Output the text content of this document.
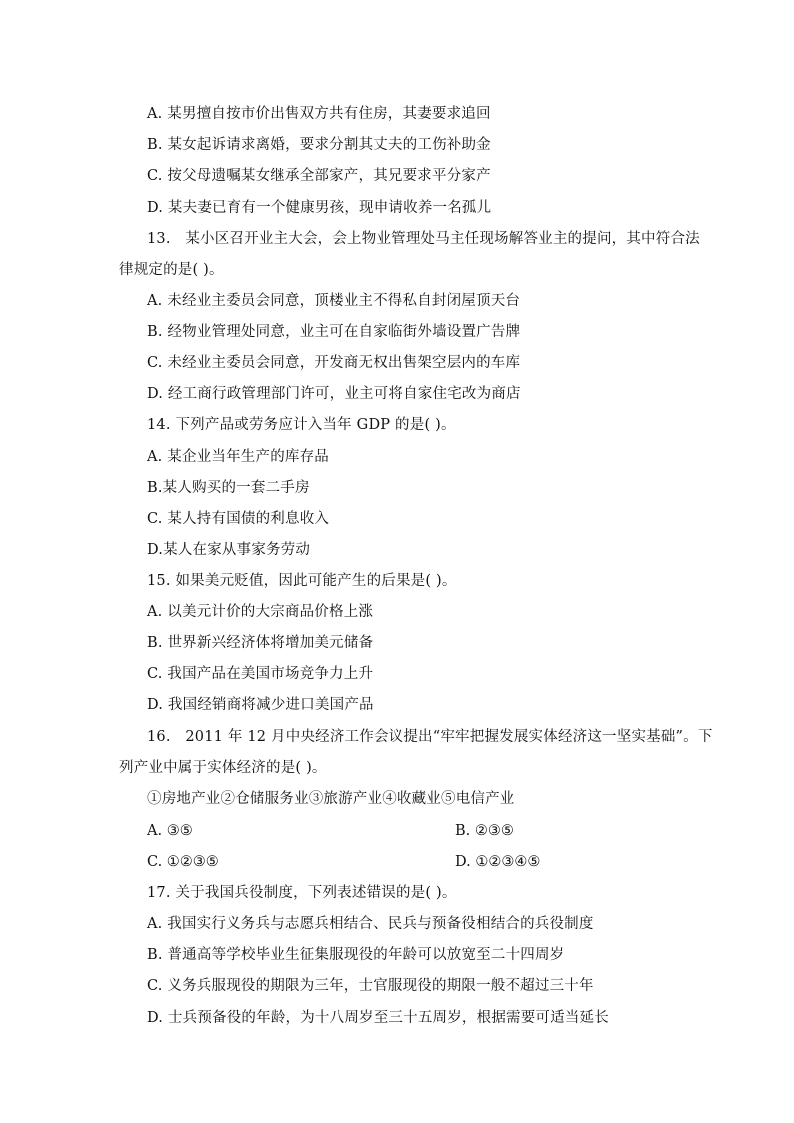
A. 某男擅自按市价出售双方共有住房，其妻要求追回
B. 某女起诉请求离婚，要求分割其丈夫的工伤补助金
C. 按父母遗嘱某女继承全部家产，其兄要求平分家产
D. 某夫妻已育有一个健康男孩，现申请收养一名孤儿
13.　某小区召开业主大会，会上物业管理处马主任现场解答业主的提问，其中符合法
律规定的是( )。
A. 未经业主委员会同意，顶楼业主不得私自封闭屋顶天台
B. 经物业管理处同意，业主可在自家临街外墙设置广告牌
C. 未经业主委员会同意，开发商无权出售架空层内的车库
D. 经工商行政管理部门许可，业主可将自家住宅改为商店
14. 下列产品或劳务应计入当年 GDP 的是( )。
A. 某企业当年生产的库存品
B.某人购买的一套二手房
C. 某人持有国债的利息收入
D.某人在家从事家务劳动
15. 如果美元贬值，因此可能产生的后果是( )。
A. 以美元计价的大宗商品价格上涨
B. 世界新兴经济体将增加美元储备
C. 我国产品在美国市场竞争力上升
D. 我国经销商将减少进口美国产品
16.　2011 年 12 月中央经济工作会议提出“牢牢把握发展实体经济这一坚实基础”。下
列产业中属于实体经济的是( )。
①房地产业②仓储服务业③旅游产业④收藏业⑤电信产业
A. ③⑤	B. ②③⑤
C. ①②③⑤	D. ①②③④⑤
17. 关于我国兵役制度，下列表述错误的是( )。
A. 我国实行义务兵与志愿兵相结合、民兵与预备役相结合的兵役制度
B. 普通高等学校毕业生征集服现役的年龄可以放宽至二十四周岁
C. 义务兵服现役的期限为三年，士官服现役的期限一般不超过三十年
D. 士兵预备役的年龄，为十八周岁至三十五周岁，根据需要可适当延长
